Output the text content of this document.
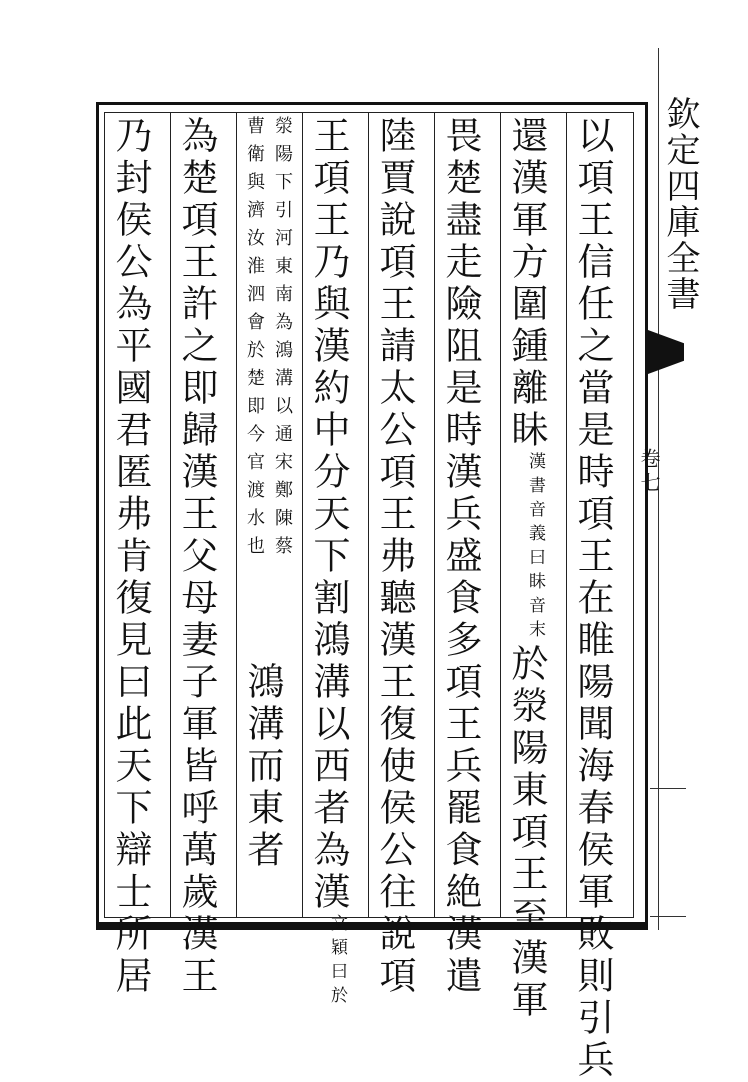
欽定四庫全書
卷七
以項王信任之當是時項王在睢陽聞海春侯軍敗則引兵
還漢軍方圍鍾離眛漢書音義曰眛音末於滎陽東項王至漢軍
畏楚盡走險阻是時漢兵盛食多項王兵罷食絶漢遣
陸賈說項王請太公項王弗聽漢王復使侯公往說項
王項王乃與漢約中分天下割鴻溝以西者為漢文穎曰於
滎陽下引河東南為鴻溝以通宋鄭陳蔡
曹衛與濟汝淮泗會於楚即今官渡水也
鴻溝而東者
為楚項王許之即歸漢王父母妻子軍皆呼萬歲漢王
乃封侯公為平國君匿弗肯復見曰此天下辯士所居
